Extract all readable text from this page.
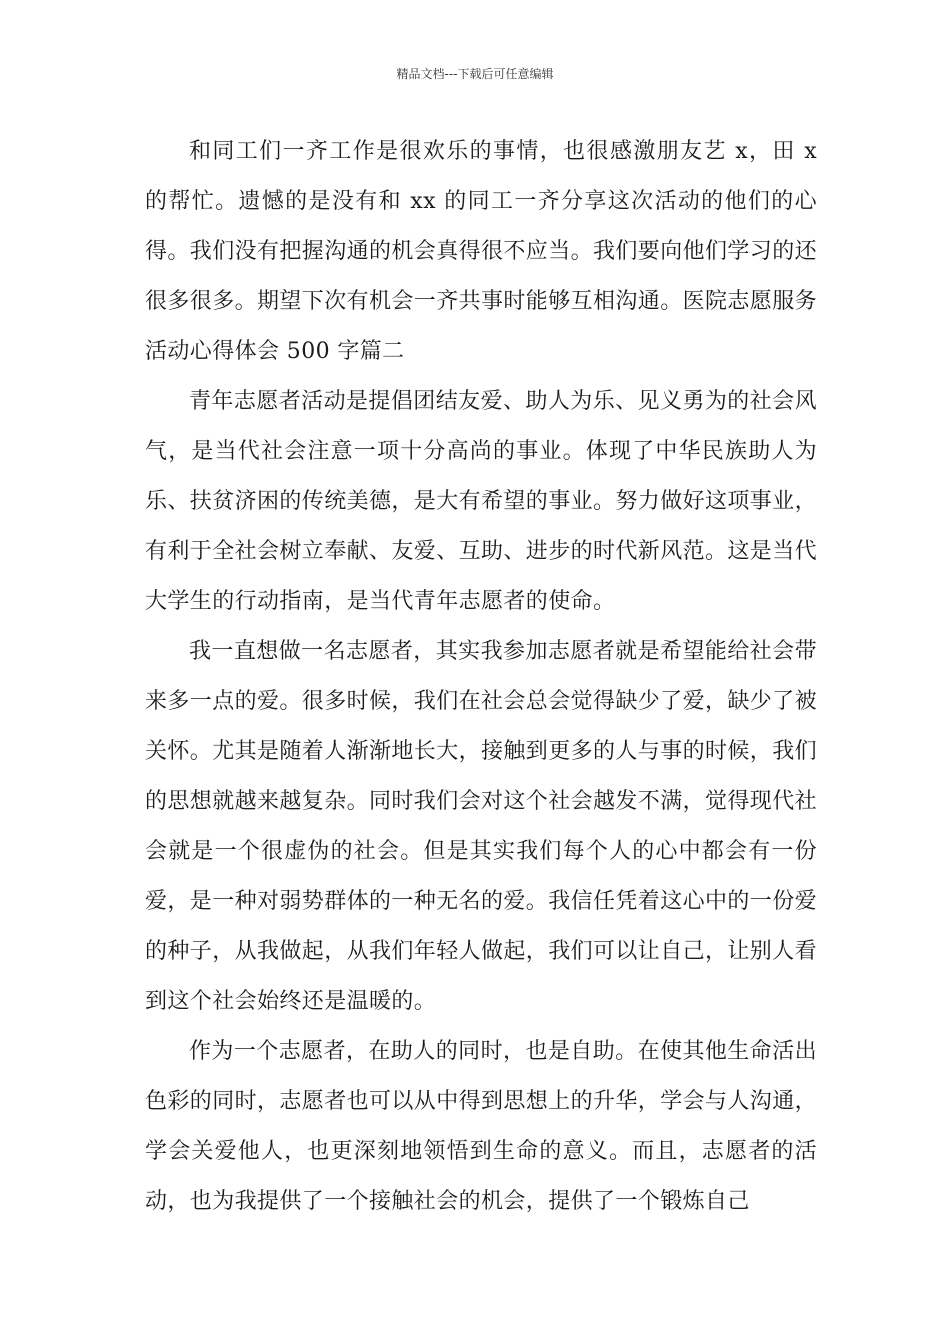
精品文档---下载后可任意编辑

和同工们一齐工作是很欢乐的事情，也很感激朋友艺 x，田 x 的帮忙。遗憾的是没有和 xx 的同工一齐分享这次活动的他们的心得。我们没有把握沟通的机会真得很不应当。我们要向他们学习的还很多很多。期望下次有机会一齐共事时能够互相沟通。医院志愿服务活动心得体会 500 字篇二

青年志愿者活动是提倡团结友爱、助人为乐、见义勇为的社会风气，是当代社会注意一项十分高尚的事业。体现了中华民族助人为乐、扶贫济困的传统美德，是大有希望的事业。努力做好这项事业，有利于全社会树立奉献、友爱、互助、进步的时代新风范。这是当代大学生的行动指南，是当代青年志愿者的使命。

我一直想做一名志愿者，其实我参加志愿者就是希望能给社会带来多一点的爱。很多时候，我们在社会总会觉得缺少了爱，缺少了被关怀。尤其是随着人渐渐地长大，接触到更多的人与事的时候，我们的思想就越来越复杂。同时我们会对这个社会越发不满，觉得现代社会就是一个很虚伪的社会。但是其实我们每个人的心中都会有一份爱，是一种对弱势群体的一种无名的爱。我信任凭着这心中的一份爱的种子，从我做起，从我们年轻人做起，我们可以让自己，让别人看到这个社会始终还是温暖的。

作为一个志愿者，在助人的同时，也是自助。在使其他生命活出色彩的同时，志愿者也可以从中得到思想上的升华，学会与人沟通，学会关爱他人，也更深刻地领悟到生命的意义。而且，志愿者的活动，也为我提供了一个接触社会的机会，提供了一个锻炼自己
